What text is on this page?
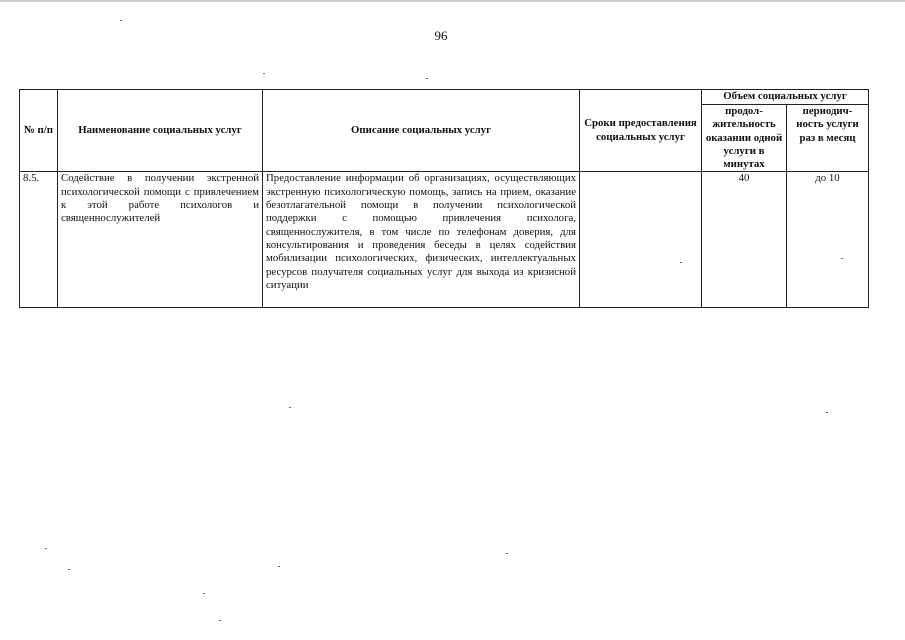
96
№ п/п	Наименование социальных услуг	Описание социальных услуг	Сроки предоставления социальных услуг	Объем социальных услуг	
				продол-жительность оказании одной услуги в минутах	периодич-ность услуги раз в месяц
8.5.	Содействие в получении экстренной психологической помощи с привлечением к этой работе психологов и священнослужителей	Предоставление информации об организациях, осуществляющих экстренную психологическую помощь, запись на прием, оказание безотлагательной помощи в получении психологической поддержки с помощью привлечения психолога, священнослужителя, в том числе по телефонам доверия, для консультирования и проведения беседы в целях содействия мобилизации психологических, физических, интеллектуальных ресурсов получателя социальных услуг для выхода из кризисной ситуации		40	до 10
